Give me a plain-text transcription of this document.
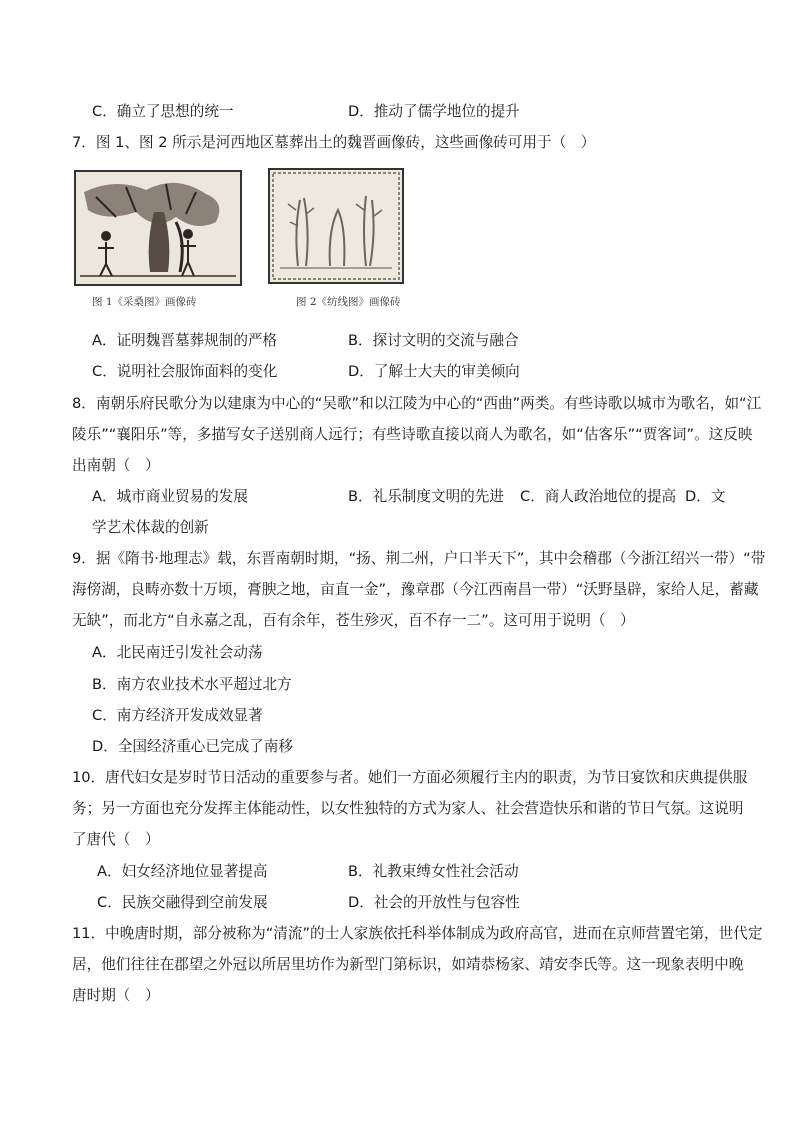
C．确立了思想的统一	D．推动了儒学地位的提升
7．图 1、图 2 所示是河西地区墓葬出土的魏晋画像砖，这些画像砖可用于（　）
图 1《采桑图》画像砖	图 2《纺线图》画像砖
A．证明魏晋墓葬规制的严格	B．探讨文明的交流与融合
C．说明社会服饰面料的变化	D．了解士大夫的审美倾向
8．南朝乐府民歌分为以建康为中心的“吴歌”和以江陵为中心的“西曲”两类。有些诗歌以城市为歌名，如“江
陵乐”“襄阳乐”等，多描写女子送别商人远行；有些诗歌直接以商人为歌名，如“估客乐”“贾客词”。这反映
出南朝（　）
A．城市商业贸易的发展	B．礼乐制度文明的先进 C．商人政治地位的提高 D．文
学艺术体裁的创新
9．据《隋书·地理志》载，东晋南朝时期，“扬、荆二州，户口半天下”，其中会稽郡（今浙江绍兴一带）“带
海傍湖，良畴亦数十万顷，膏腴之地，亩直一金”，豫章郡（今江西南昌一带）“沃野垦辟，家给人足，蓄藏
无缺”，而北方“自永嘉之乱，百有余年，苍生殄灭，百不存一二”。这可用于说明（　）
A．北民南迁引发社会动荡
B．南方农业技术水平超过北方
C．南方经济开发成效显著
D．全国经济重心已完成了南移
10．唐代妇女是岁时节日活动的重要参与者。她们一方面必须履行主内的职责，为节日宴饮和庆典提供服
务；另一方面也充分发挥主体能动性，以女性独特的方式为家人、社会营造快乐和谐的节日气氛。这说明
了唐代（　）
A．妇女经济地位显著提高	B．礼教束缚女性社会活动
C．民族交融得到空前发展	D．社会的开放性与包容性
11．中晚唐时期，部分被称为“清流”的士人家族依托科举体制成为政府高官，进而在京师营置宅第，世代定
居，他们往往在郡望之外冠以所居里坊作为新型门第标识，如靖恭杨家、靖安李氏等。这一现象表明中晚
唐时期（　）
